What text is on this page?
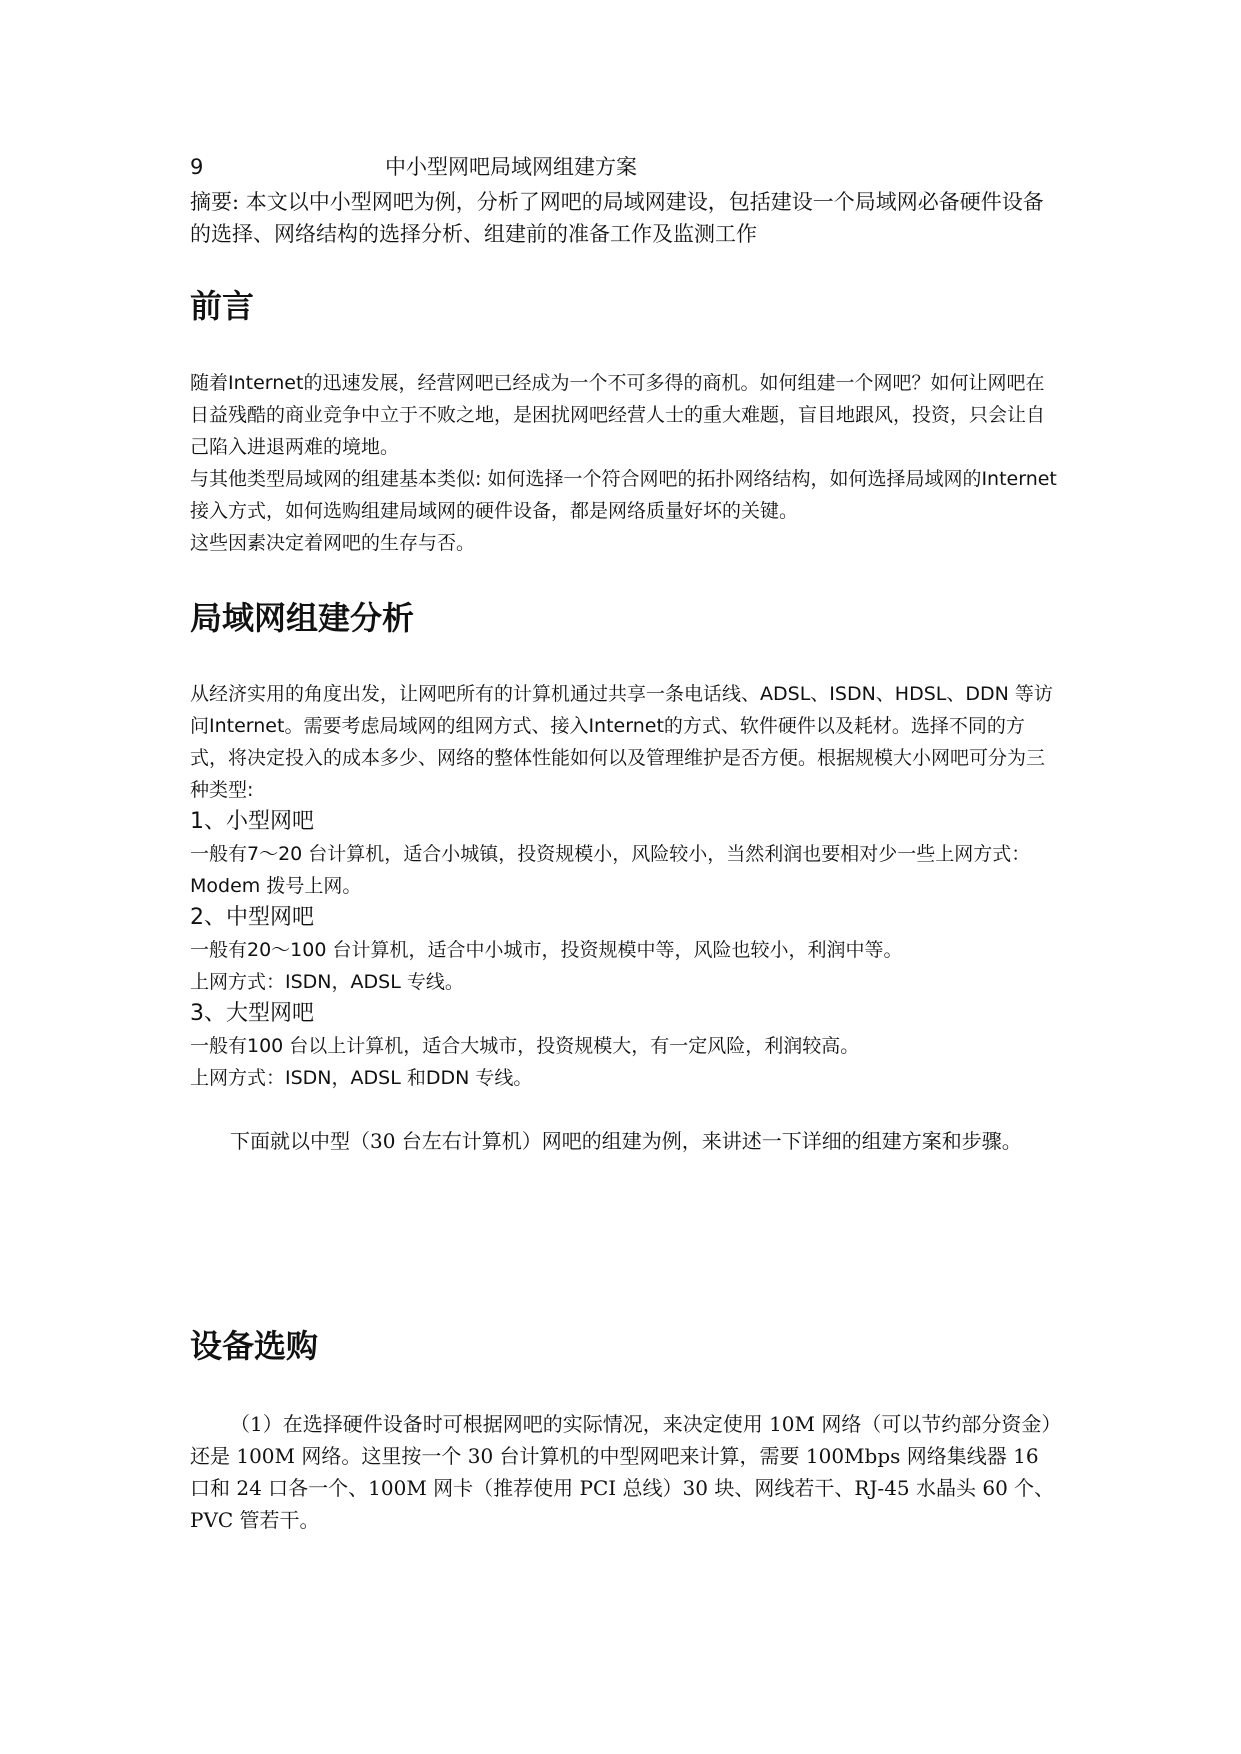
9	中小型网吧局域网组建方案

摘要: 本文以中小型网吧为例，分析了网吧的局域网建设，包括建设一个局域网必备硬件设备的选择、网络结构的选择分析、组建前的准备工作及监测工作

前言
随着Internet的迅速发展，经营网吧已经成为一个不可多得的商机。如何组建一个网吧？如何让网吧在日益残酷的商业竞争中立于不败之地，是困扰网吧经营人士的重大难题，盲目地跟风，投资，只会让自己陷入进退两难的境地。
与其他类型局域网的组建基本类似: 如何选择一个符合网吧的拓扑网络结构，如何选择局域网的Internet 接入方式，如何选购组建局域网的硬件设备，都是网络质量好坏的关键。
这些因素决定着网吧的生存与否。
局域网组建分析
从经济实用的角度出发，让网吧所有的计算机通过共享一条电话线、ADSL、ISDN、HDSL、DDN 等访问Internet。需要考虑局域网的组网方式、接入Internet的方式、软件硬件以及耗材。选择不同的方式，将决定投入的成本多少、网络的整体性能如何以及管理维护是否方便。根据规模大小网吧可分为三种类型:
1、小型网吧
一般有7～20 台计算机，适合小城镇，投资规模小，风险较小，当然利润也要相对少一些上网方式：Modem 拨号上网。
2、中型网吧
一般有20～100 台计算机，适合中小城市，投资规模中等，风险也较小，利润中等。
上网方式：ISDN，ADSL 专线。
3、大型网吧
一般有100 台以上计算机，适合大城市，投资规模大，有一定风险，利润较高。
上网方式：ISDN，ADSL 和DDN 专线。

下面就以中型（30 台左右计算机）网吧的组建为例，来讲述一下详细的组建方案和步骤。

设备选购

（1）在选择硬件设备时可根据网吧的实际情况，来决定使用 10M 网络（可以节约部分资金）还是 100M 网络。这里按一个 30 台计算机的中型网吧来计算，需要 100Mbps 网络集线器 16 口和 24 口各一个、100M 网卡（推荐使用 PCI 总线）30 块、网线若干、RJ-45 水晶头 60 个、PVC 管若干。
